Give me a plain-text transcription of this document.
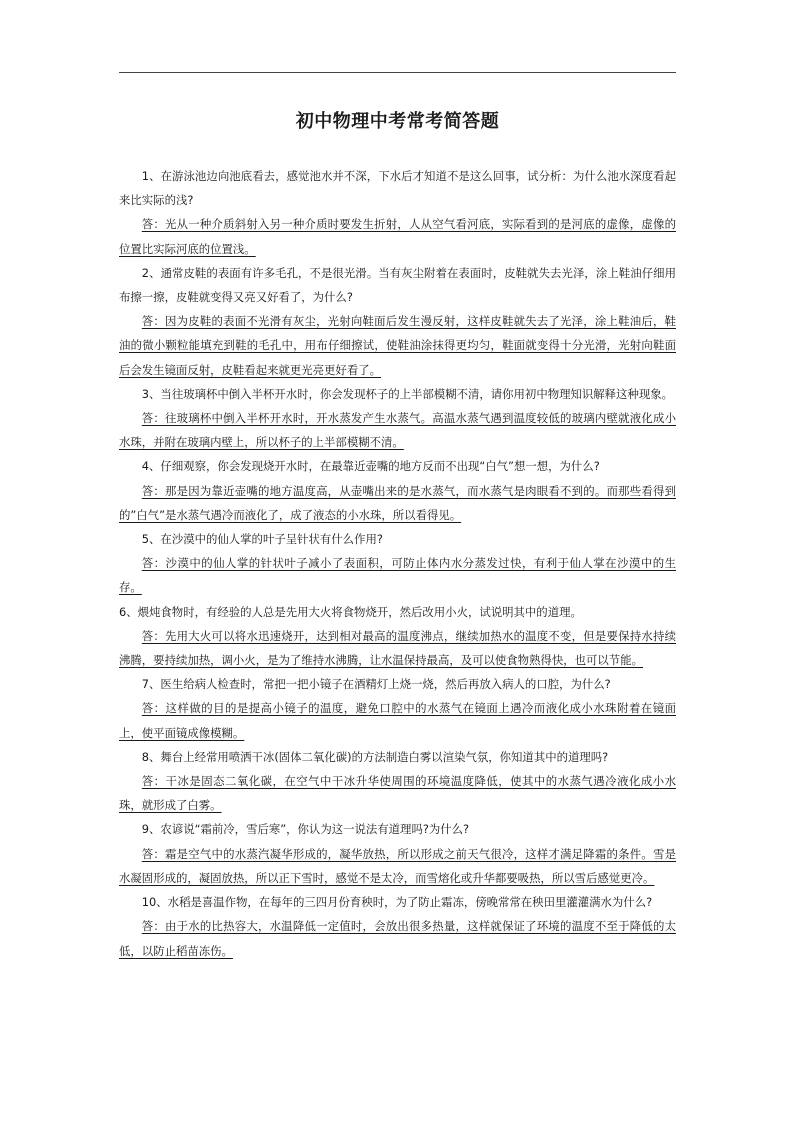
初中物理中考常考简答题

1、在游泳池边向池底看去，感觉池水并不深，下水后才知道不是这么回事，试分析：为什么池水深度看起来比实际的浅?

答：光从一种介质斜射入另一种介质时要发生折射，人从空气看河底，实际看到的是河底的虚像，虚像的位置比实际河底的位置浅。

2、通常皮鞋的表面有许多毛孔，不是很光滑。当有灰尘附着在表面时，皮鞋就失去光泽，涂上鞋油仔细用布擦一擦，皮鞋就变得又亮又好看了，为什么?

答：因为皮鞋的表面不光滑有灰尘，光射向鞋面后发生漫反射，这样皮鞋就失去了光泽，涂上鞋油后，鞋油的微小颗粒能填充到鞋的毛孔中，用布仔细擦试，使鞋油涂抹得更均匀，鞋面就变得十分光滑，光射向鞋面后会发生镜面反射，皮鞋看起来就更光亮更好看了。

3、当往玻璃杯中倒入半杯开水时，你会发现杯子的上半部模糊不清，请你用初中物理知识解释这种现象。

答：往玻璃杯中倒入半杯开水时，开水蒸发产生水蒸气。高温水蒸气遇到温度较低的玻璃内壁就液化成小水珠，并附在玻璃内壁上，所以杯子的上半部模糊不清。

4、仔细观察，你会发现烧开水时，在最靠近壶嘴的地方反而不出现“白气”想一想，为什么?

答：那是因为靠近壶嘴的地方温度高，从壶嘴出来的是水蒸气，而水蒸气是肉眼看不到的。而那些看得到的”白气”是水蒸气遇冷而液化了，成了液态的小水珠，所以看得见。

5、在沙漠中的仙人掌的叶子呈针状有什么作用?

答：沙漠中的仙人掌的针状叶子减小了表面积，可防止体内水分蒸发过快，有利于仙人掌在沙漠中的生存。

6、煨炖食物时，有经验的人总是先用大火将食物烧开，然后改用小火，试说明其中的道理。

答：先用大火可以将水迅速烧开，达到相对最高的温度沸点，继续加热水的温度不变，但是要保持水持续沸腾，要持续加热，调小火，是为了维持水沸腾，让水温保持最高，及可以使食物熟得快，也可以节能。

7、医生给病人检查时，常把一把小镜子在酒精灯上烧一烧，然后再放入病人的口腔，为什么?

答：这样做的目的是提高小镜子的温度，避免口腔中的水蒸气在镜面上遇冷而液化成小水珠附着在镜面上，使平面镜成像模糊。

8、舞台上经常用喷洒干冰(固体二氧化碳)的方法制造白雾以渲染气氛，你知道其中的道理吗?

答：干冰是固态二氧化碳，在空气中干冰升华使周围的环境温度降低，使其中的水蒸气遇冷液化成小水珠，就形成了白雾。

9、农谚说“霜前冷，雪后寒”，你认为这一说法有道理吗?为什么?

答：霜是空气中的水蒸汽凝华形成的，凝华放热，所以形成之前天气很冷，这样才满足降霜的条件。雪是水凝固形成的，凝固放热，所以正下雪时，感觉不是太冷，而雪熔化或升华都要吸热，所以雪后感觉更冷。

10、水稻是喜温作物，在每年的三四月份育秧时，为了防止霜冻，傍晚常常在秧田里灌灌满水为什么?

答：由于水的比热容大，水温降低一定值时，会放出很多热量，这样就保证了环境的温度不至于降低的太低，以防止稻苗冻伤。
